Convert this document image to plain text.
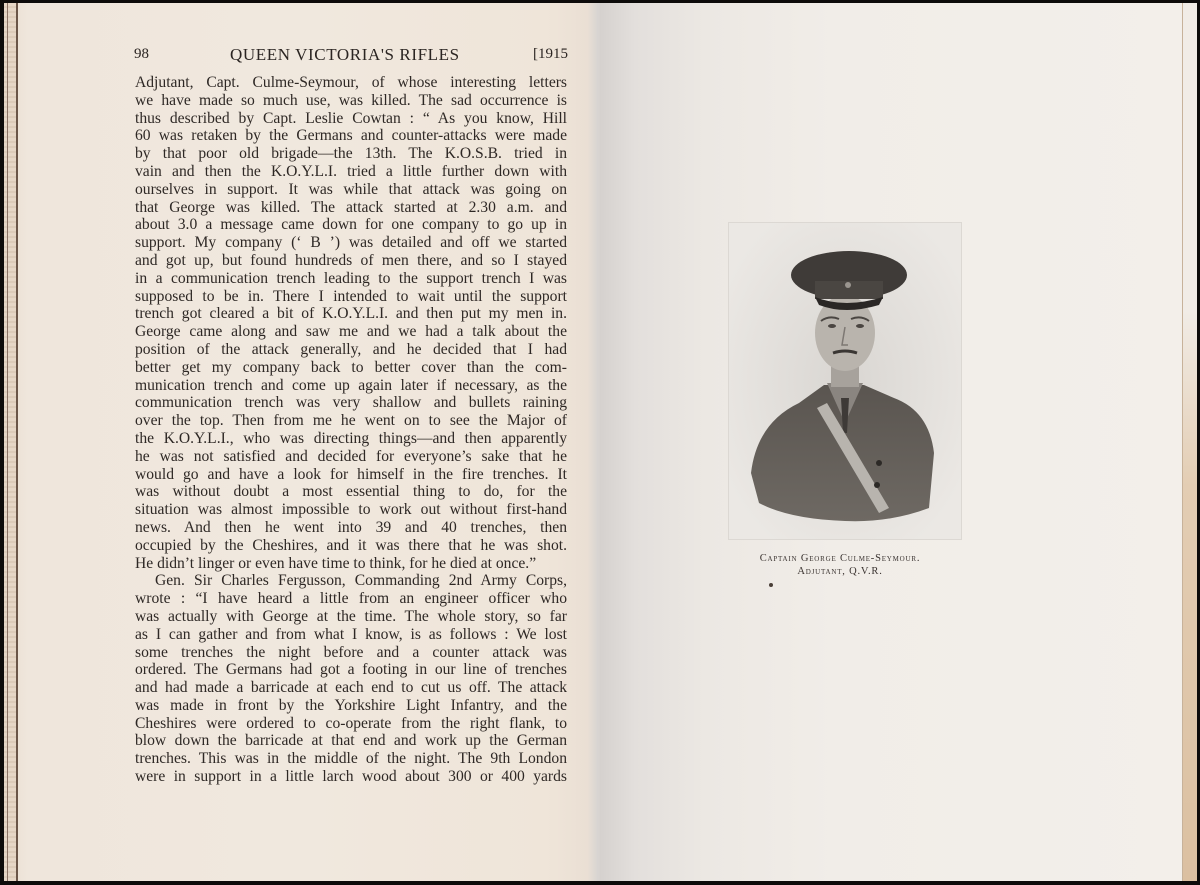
98	QUEEN VICTORIA'S RIFLES	[1915
Adjutant, Capt. Culme-Seymour, of whose interesting letters
we have made so much use, was killed. The sad occurrence is
thus described by Capt. Leslie Cowtan : “ As you know, Hill
60 was retaken by the Germans and counter-attacks were made
by that poor old brigade—the 13th. The K.O.S.B. tried in
vain and then the K.O.Y.L.I. tried a little further down with
ourselves in support. It was while that attack was going on
that George was killed. The attack started at 2.30 a.m. and
about 3.0 a message came down for one company to go up in
support. My company (‘ B ’) was detailed and off we started
and got up, but found hundreds of men there, and so I stayed
in a communication trench leading to the support trench I was
supposed to be in. There I intended to wait until the support
trench got cleared a bit of K.O.Y.L.I. and then put my men in.
George came along and saw me and we had a talk about the
position of the attack generally, and he decided that I had
better get my company back to better cover than the com-
munication trench and come up again later if necessary, as the
communication trench was very shallow and bullets raining
over the top. Then from me he went on to see the Major of
the K.O.Y.L.I., who was directing things—and then apparently
he was not satisfied and decided for everyone’s sake that he
would go and have a look for himself in the fire trenches. It
was without doubt a most essential thing to do, for the
situation was almost impossible to work out without first-hand
news. And then he went into 39 and 40 trenches, then
occupied by the Cheshires, and it was there that he was shot.
He didn’t linger or even have time to think, for he died at once.”
Gen. Sir Charles Fergusson, Commanding 2nd Army Corps,
wrote : “I have heard a little from an engineer officer who
was actually with George at the time. The whole story, so far
as I can gather and from what I know, is as follows : We lost
some trenches the night before and a counter attack was
ordered. The Germans had got a footing in our line of trenches
and had made a barricade at each end to cut us off. The attack
was made in front by the Yorkshire Light Infantry, and the
Cheshires were ordered to co-operate from the right flank, to
blow down the barricade at that end and work up the German
trenches. This was in the middle of the night. The 9th London
were in support in a little larch wood about 300 or 400 yards
Captain George Culme-Seymour.
Adjutant, Q.V.R.
